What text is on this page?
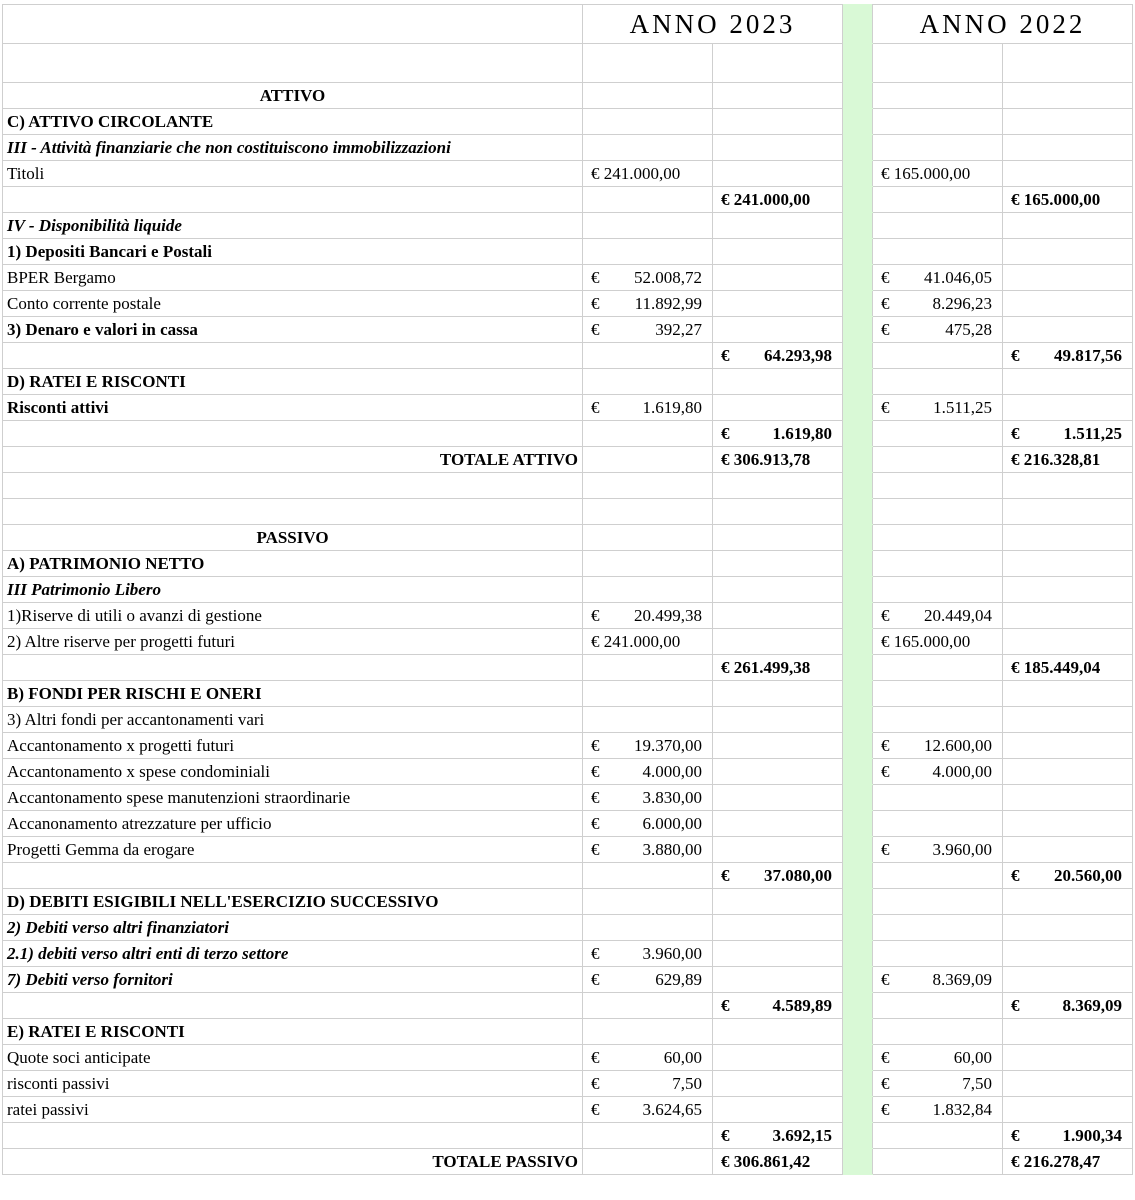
	ANNO 2023			ANNO 2022	

ATTIVO					
C) ATTIVO CIRCOLANTE					
III - Attività finanziarie che non costituiscono immobilizzazioni					
Titoli	€ 241.000,00			€ 165.000,00	
		€ 241.000,00			€ 165.000,00
IV - Disponibilità liquide					
1) Depositi Bancari e Postali					
BPER Bergamo	€ 52.008,72			€ 41.046,05	

Conto corrente postale	€ 11.892,99			€ 8.296,23	

3) Denaro e valori in cassa	€ 392,27			€ 475,28	

		€ 64.293,98			€ 49.817,56

D) RATEI E RISCONTI					
Risconti attivi	€ 1.619,80			€ 1.511,25	

		€ 1.619,80			€ 1.511,25

TOTALE ATTIVO		€ 306.913,78			€ 216.328,81

PASSIVO					
A) PATRIMONIO NETTO					
III Patrimonio Libero					
1)Riserve di utili o avanzi di gestione	€ 20.499,38			€ 20.449,04	

2) Altre riserve per progetti futuri	€ 241.000,00			€ 165.000,00	
		€ 261.499,38			€ 185.449,04
B) FONDI PER RISCHI E ONERI					
3) Altri fondi per accantonamenti vari					
Accantonamento x progetti futuri	€ 19.370,00			€ 12.600,00	

Accantonamento x spese condominiali	€ 4.000,00			€ 4.000,00	

Accantonamento spese manutenzioni straordinarie	€ 3.830,00				

Accanonamento atrezzature per ufficio	€ 6.000,00				

Progetti Gemma da erogare	€ 3.880,00			€ 3.960,00	

		€ 37.080,00			€ 20.560,00

D) DEBITI ESIGIBILI NELL'ESERCIZIO SUCCESSIVO					
2) Debiti verso altri finanziatori					
2.1) debiti verso altri enti di terzo settore	€ 3.960,00				

7) Debiti verso fornitori	€ 629,89			€ 8.369,09	

		€ 4.589,89			€ 8.369,09

E) RATEI E RISCONTI					
Quote soci anticipate	€ 60,00			€ 60,00	

risconti passivi	€ 7,50			€ 7,50	

ratei passivi	€ 3.624,65			€ 1.832,84	

		€ 3.692,15			€ 1.900,34

TOTALE PASSIVO		€ 306.861,42			€ 216.278,47
